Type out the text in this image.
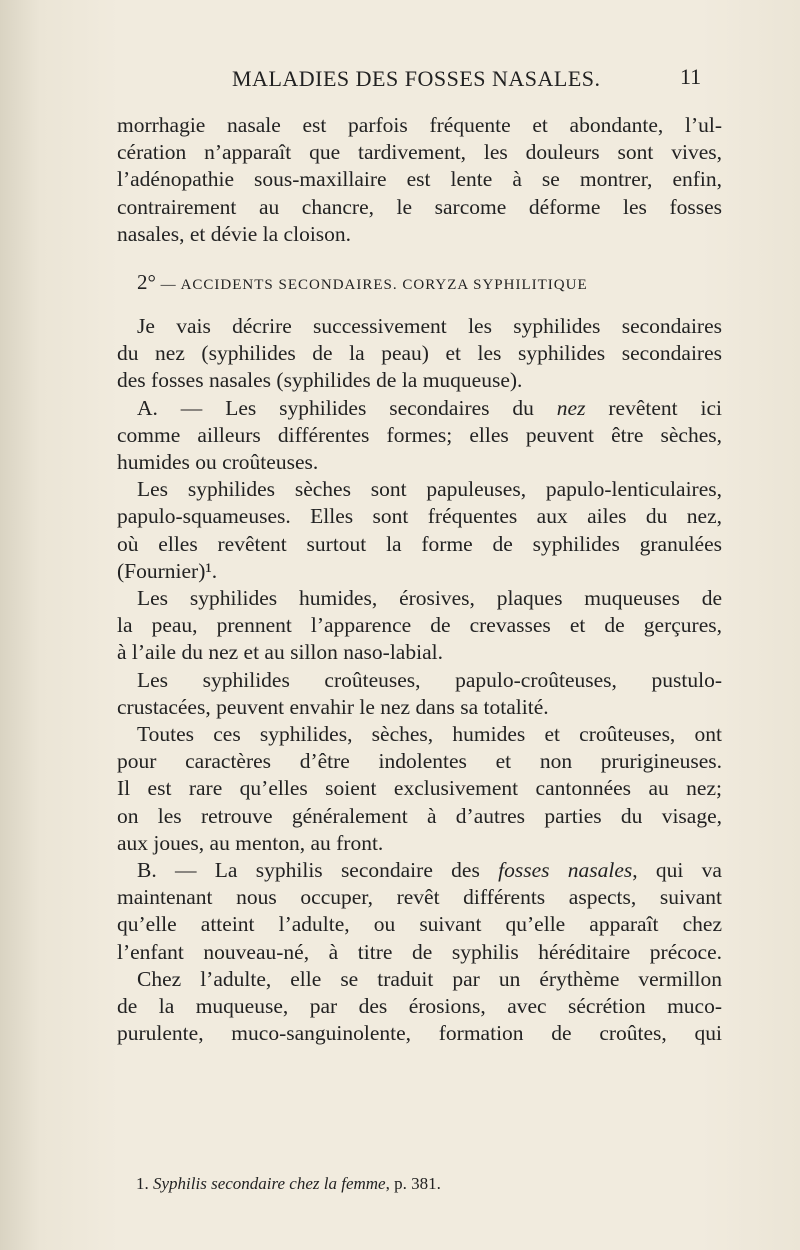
MALADIES DES FOSSES NASALES.	11
morrhagie nasale est parfois fréquente et abondante, l’ul-
cération n’apparaît que tardivement, les douleurs sont vives,
l’adénopathie sous-maxillaire est lente à se montrer, enfin,
contrairement au chancre, le sarcome déforme les fosses
nasales, et dévie la cloison.
2° — ACCIDENTS SECONDAIRES. CORYZA SYPHILITIQUE
Je vais décrire successivement les syphilides secondaires
du nez (syphilides de la peau) et les syphilides secondaires
des fosses nasales (syphilides de la muqueuse).
A. — Les syphilides secondaires du nez revêtent ici
comme ailleurs différentes formes; elles peuvent être sèches,
humides ou croûteuses.
Les syphilides sèches sont papuleuses, papulo-lenticulaires,
papulo-squameuses. Elles sont fréquentes aux ailes du nez,
où elles revêtent surtout la forme de syphilides granulées
(Fournier)¹.
Les syphilides humides, érosives, plaques muqueuses de
la peau, prennent l’apparence de crevasses et de gerçures,
à l’aile du nez et au sillon naso-labial.
Les syphilides croûteuses, papulo-croûteuses, pustulo-
crustacées, peuvent envahir le nez dans sa totalité.
Toutes ces syphilides, sèches, humides et croûteuses, ont
pour caractères d’être indolentes et non prurigineuses.
Il est rare qu’elles soient exclusivement cantonnées au nez;
on les retrouve généralement à d’autres parties du visage,
aux joues, au menton, au front.
B. — La syphilis secondaire des fosses nasales, qui va
maintenant nous occuper, revêt différents aspects, suivant
qu’elle atteint l’adulte, ou suivant qu’elle apparaît chez
l’enfant nouveau-né, à titre de syphilis héréditaire précoce.
Chez l’adulte, elle se traduit par un érythème vermillon
de la muqueuse, par des érosions, avec sécrétion muco-
purulente, muco-sanguinolente, formation de croûtes, qui
1. Syphilis secondaire chez la femme, p. 381.
